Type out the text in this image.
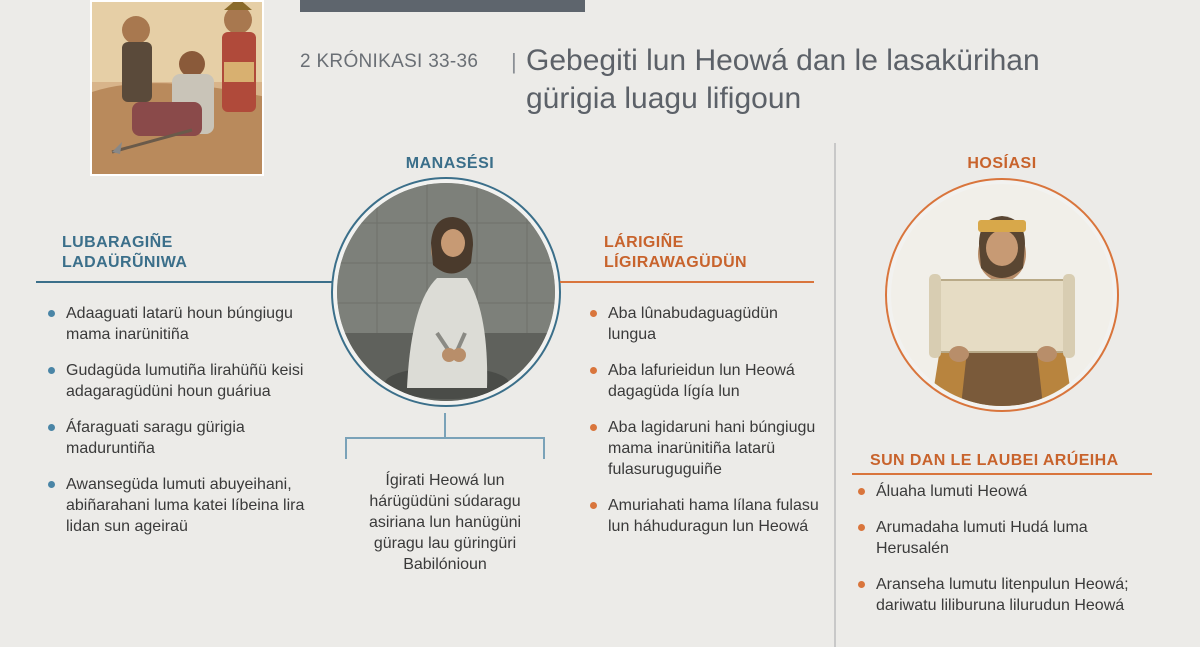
2 KRÓNIKASI 33-36 | Gebegiti lun Heowá dan le lasakürihan
gürigia luagu lifigoun
MANASÉSI
LUBARAGIÑE
LADAÜRŨNIWA
Adaaguati latarü houn búngiugu mama inarünitiña
Gudagüda lumutiña lirahüñü keisi adagaragüdüni houn guáriua
Áfaraguati saragu gürigia maduruntiña
Awansegüda lumuti abuyeihani, abiñarahani luma katei líbeina lira lidan sun ageiraü
Ígirati Heowá lun hárügüdüni súdaragu asiriana lun hanügüni güragu lau güringüri Babilónioun
LÁRIGIÑE
LÍGIRAWAGÜDÜN
Aba lûnabudaguagüdün lungua
Aba lafurieidun lun Heowá dagagüda lígía lun
Aba lagidaruni hani búngiugu mama inarünitiña latarü fulasuruguguiñe
Amuriahati hama lílana fulasu lun háhuduragun lun Heowá
HOSÍASI
SUN DAN LE LAUBEI ARÚEIHA
Áluaha lumuti Heowá
Arumadaha lumuti Hudá luma Herusalén
Aranseha lumutu litenpulun Heowá; dariwatu liliburuna lilurudun Heowá
